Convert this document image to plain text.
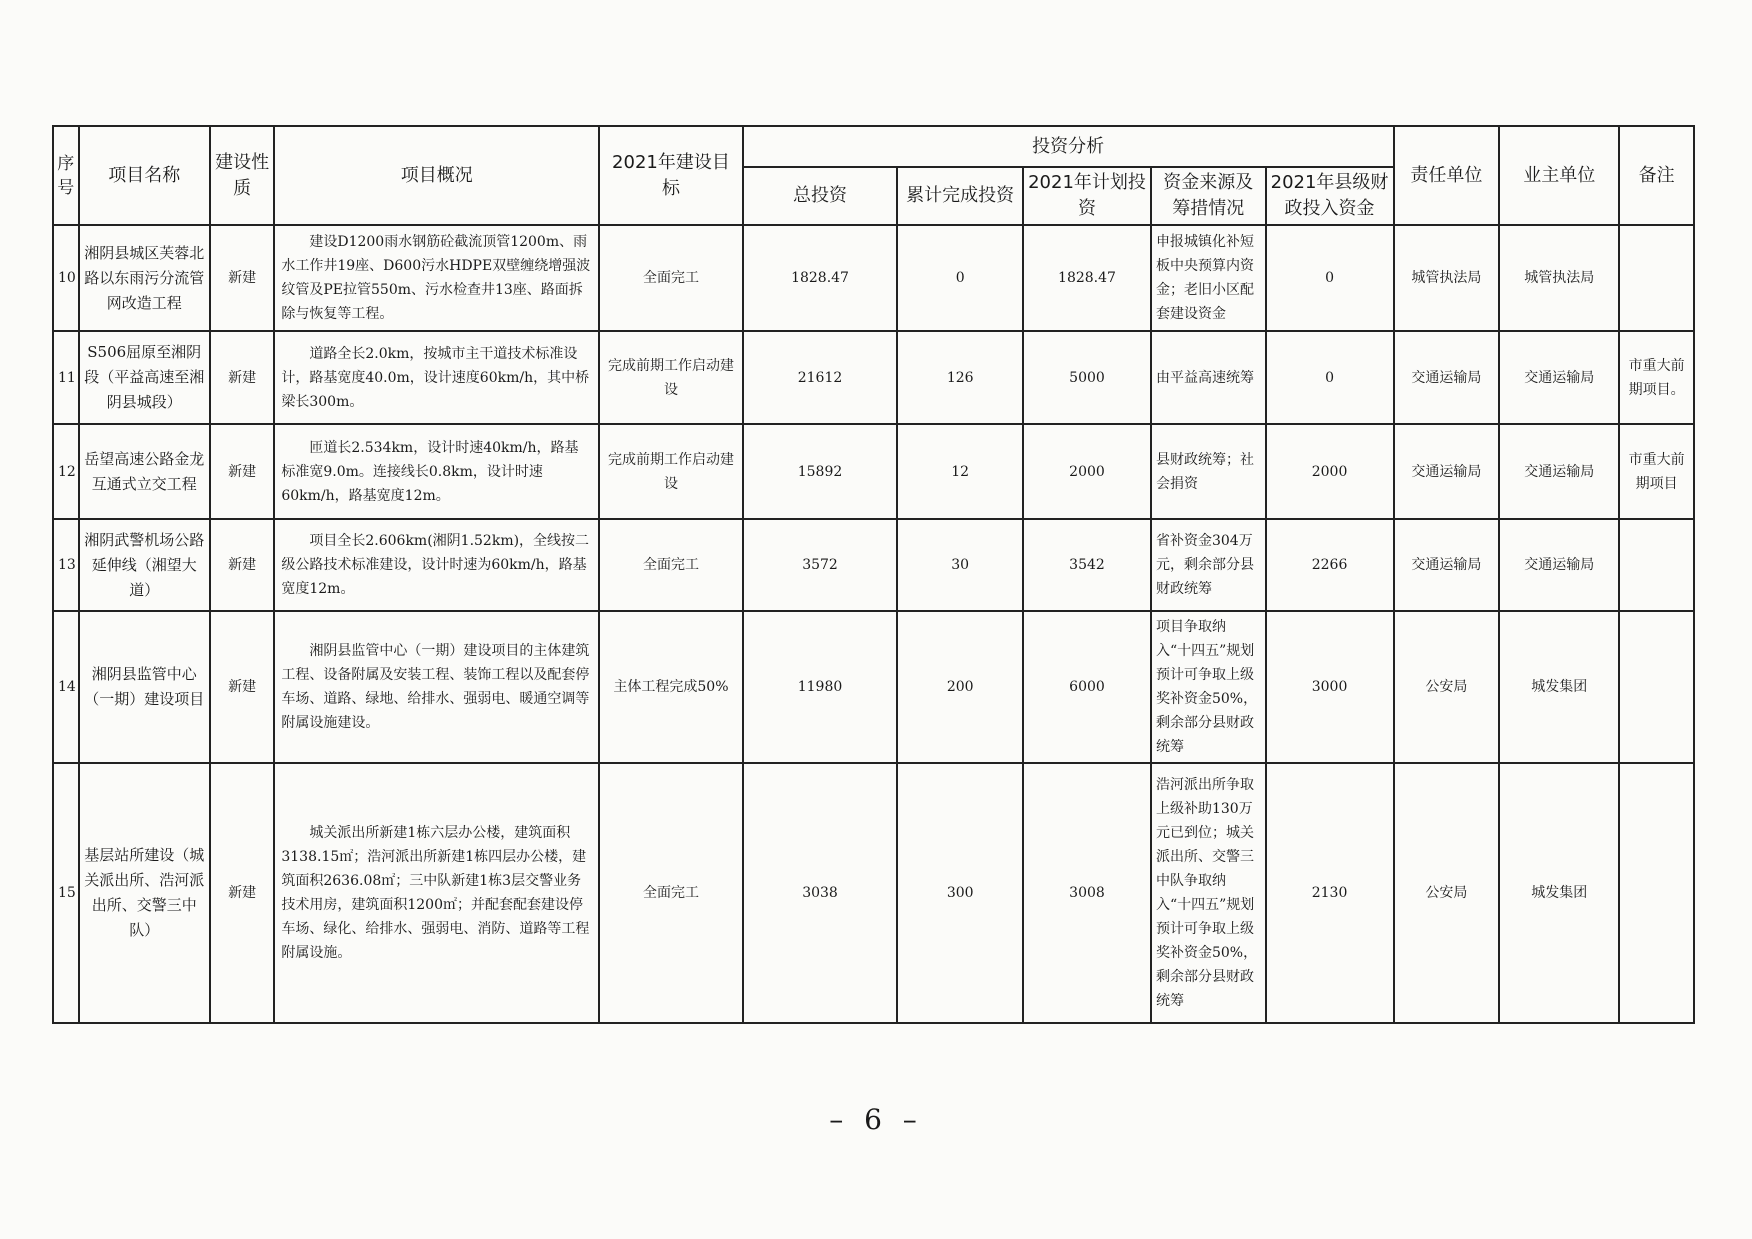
序号	项目名称	建设性质	项目概况	2021年建设目标	投资分析					责任单位	业主单位	备注
					总投资	累计完成投资	2021年计划投资	资金来源及筹措情况	2021年县级财政投入资金			
10	湘阴县城区芙蓉北路以东雨污分流管网改造工程	新建	建设D1200雨水钢筋砼截流顶管1200m、雨水工作井19座、D600污水HDPE双壁缠绕增强波纹管及PE拉管550m、污水检查井13座、路面拆除与恢复等工程。	全面完工	1828.47	0	1828.47	申报城镇化补短板中央预算内资金；老旧小区配套建设资金	0	城管执法局	城管执法局	
11	S506屈原至湘阴段（平益高速至湘阴县城段）	新建	道路全长2.0km，按城市主干道技术标准设计，路基宽度40.0m，设计速度60km/h，其中桥梁长300m。	完成前期工作启动建设	21612	126	5000	由平益高速统筹	0	交通运输局	交通运输局	市重大前期项目。
12	岳望高速公路金龙互通式立交工程	新建	匝道长2.534km，设计时速40km/h，路基标准宽9.0m。连接线长0.8km，设计时速60km/h，路基宽度12m。	完成前期工作启动建设	15892	12	2000	县财政统筹；社会捐资	2000	交通运输局	交通运输局	市重大前期项目
13	湘阴武警机场公路延伸线（湘望大道）	新建	项目全长2.606km(湘阴1.52km)，全线按二级公路技术标准建设，设计时速为60km/h，路基宽度12m。	全面完工	3572	30	3542	省补资金304万元，剩余部分县财政统筹	2266	交通运输局	交通运输局	
14	湘阴县监管中心（一期）建设项目	新建	湘阴县监管中心（一期）建设项目的主体建筑工程、设备附属及安装工程、装饰工程以及配套停车场、道路、绿地、给排水、强弱电、暖通空调等附属设施建设。	主体工程完成50%	11980	200	6000	项目争取纳入“十四五”规划预计可争取上级奖补资金50%，剩余部分县财政统筹	3000	公安局	城发集团	
15	基层站所建设（城关派出所、浩河派出所、交警三中队）	新建	城关派出所新建1栋六层办公楼，建筑面积3138.15㎡；浩河派出所新建1栋四层办公楼，建筑面积2636.08㎡；三中队新建1栋3层交警业务技术用房，建筑面积1200㎡；并配套配套建设停车场、绿化、给排水、强弱电、消防、道路等工程附属设施。	全面完工	3038	300	3008	浩河派出所争取上级补助130万元已到位；城关派出所、交警三中队争取纳入“十四五”规划预计可争取上级奖补资金50%，剩余部分县财政统筹	2130	公安局	城发集团	
– 6 –
